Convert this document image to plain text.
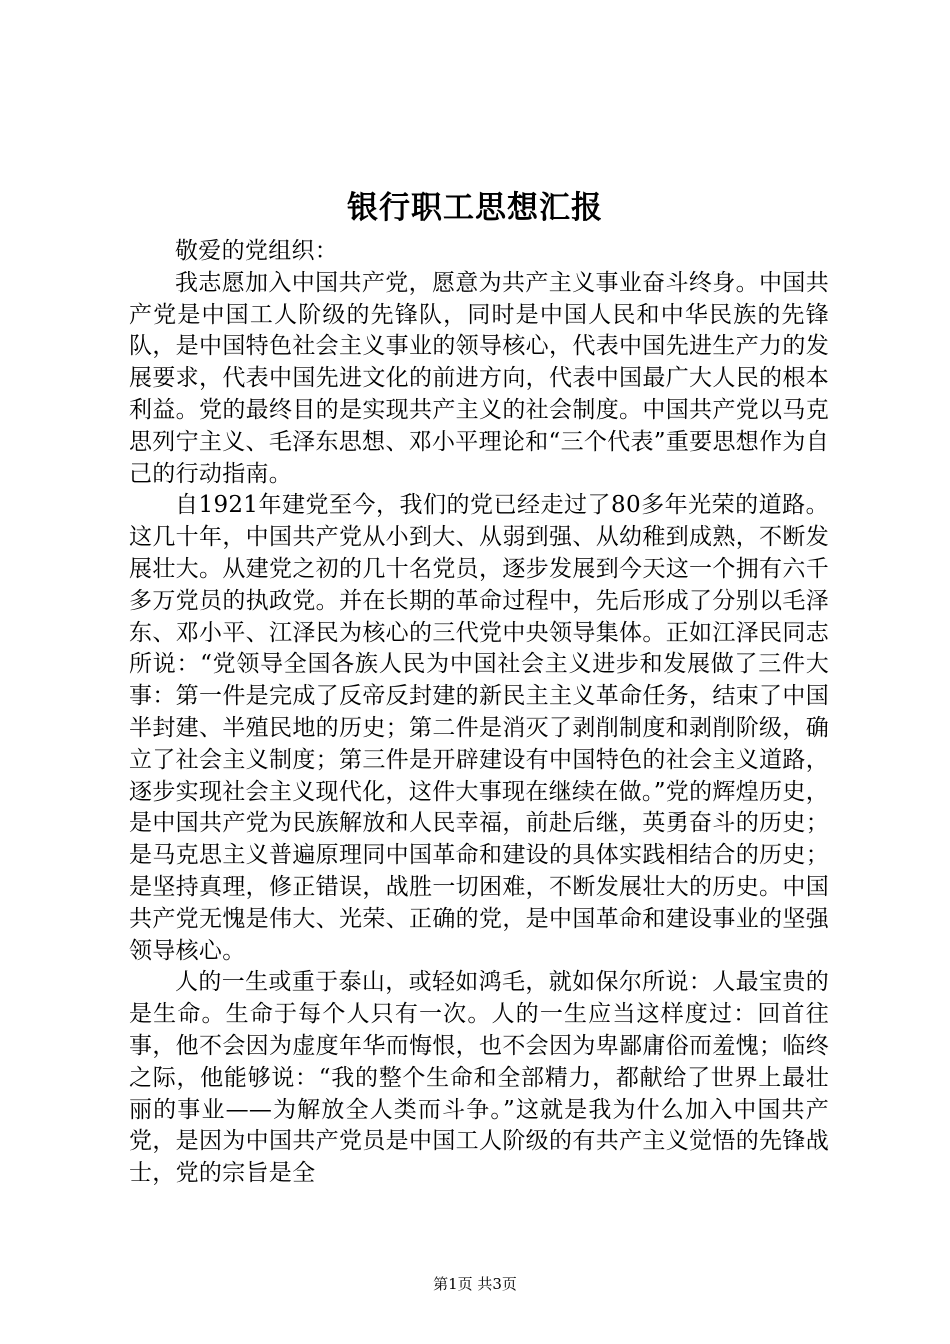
银行职工思想汇报

敬爱的党组织：

我志愿加入中国共产党，愿意为共产主义事业奋斗终身。中国共产党是中国工人阶级的先锋队，同时是中国人民和中华民族的先锋队，是中国特色社会主义事业的领导核心，代表中国先进生产力的发展要求，代表中国先进文化的前进方向，代表中国最广大人民的根本利益。党的最终目的是实现共产主义的社会制度。中国共产党以马克思列宁主义、毛泽东思想、邓小平理论和“三个代表”重要思想作为自己的行动指南。

自1921年建党至今，我们的党已经走过了80多年光荣的道路。这几十年，中国共产党从小到大、从弱到强、从幼稚到成熟，不断发展壮大。从建党之初的几十名党员，逐步发展到今天这一个拥有六千多万党员的执政党。并在长期的革命过程中，先后形成了分别以毛泽东、邓小平、江泽民为核心的三代党中央领导集体。正如江泽民同志所说：“党领导全国各族人民为中国社会主义进步和发展做了三件大事：第一件是完成了反帝反封建的新民主主义革命任务，结束了中国半封建、半殖民地的历史；第二件是消灭了剥削制度和剥削阶级，确立了社会主义制度；第三件是开辟建设有中国特色的社会主义道路，逐步实现社会主义现代化，这件大事现在继续在做。”党的辉煌历史，是中国共产党为民族解放和人民幸福，前赴后继，英勇奋斗的历史；是马克思主义普遍原理同中国革命和建设的具体实践相结合的历史；是坚持真理，修正错误，战胜一切困难，不断发展壮大的历史。中国共产党无愧是伟大、光荣、正确的党，是中国革命和建设事业的坚强领导核心。

人的一生或重于泰山，或轻如鸿毛，就如保尔所说：人最宝贵的是生命。生命于每个人只有一次。人的一生应当这样度过：回首往事，他不会因为虚度年华而悔恨，也不会因为卑鄙庸俗而羞愧；临终之际，他能够说：“我的整个生命和全部精力，都献给了世界上最壮丽的事业——为解放全人类而斗争。”这就是我为什么加入中国共产党，是因为中国共产党员是中国工人阶级的有共产主义觉悟的先锋战士，党的宗旨是全

第1页 共3页
